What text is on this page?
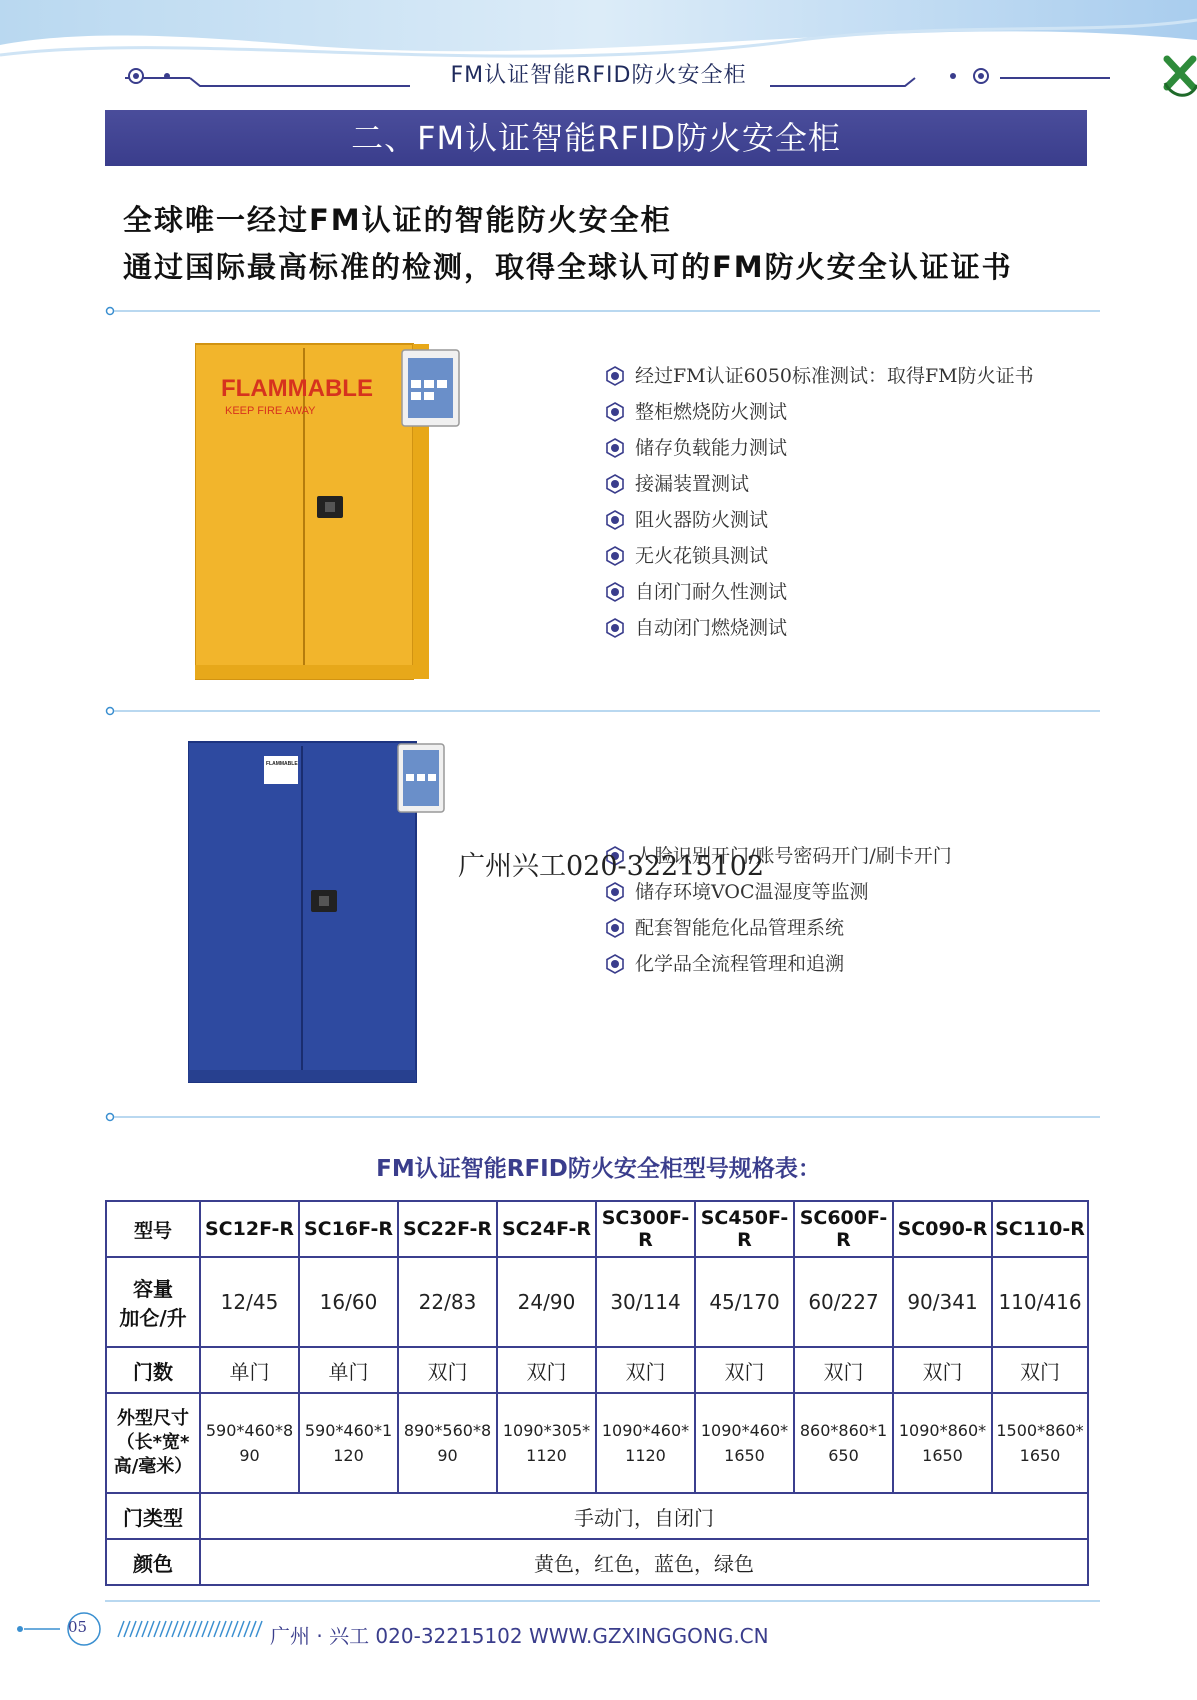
FM认证智能RFID防火安全柜
二、FM认证智能RFID防火安全柜
全球唯一经过FM认证的智能防火安全柜
通过国际最高标准的检测，取得全球认可的FM防火安全认证证书
FLAMMABLE
KEEP FIRE AWAY
经过FM认证6050标准测试：取得FM防火证书
整柜燃烧防火测试
储存负载能力测试
接漏装置测试
阻火器防火测试
无火花锁具测试
自闭门耐久性测试
自动闭门燃烧测试
FLAMMABLE
人脸识别开门/账号密码开门/刷卡开门
储存环境VOC温湿度等监测
配套智能危化品管理系统
化学品全流程管理和追溯
广州兴工020-32215102
FM认证智能RFID防火安全柜型号规格表：
型号	SC12F-R	SC16F-R	SC22F-R	SC24F-R	SC300F-R	SC450F-R	SC600F-R	SC090-R	SC110-R

容量
加仑/升	12/45	16/60	22/83	24/90	30/114	45/170	60/227	90/341	110/416
门数	单门	单门	双门	双门	双门	双门	双门	双门	双门

外型尺寸
（长*宽*
高/毫米）	590*460*890	590*460*1120	890*560*890	1090*305*1120	1090*460*1120	1090*460*1650	860*860*1650	1090*860*1650	1500*860*1650

门类型	手动门，自闭门								
颜色	黄色，红色，蓝色，绿色								
05	广州 · 兴工 020-32215102 WWW.GZXINGGONG.CN
